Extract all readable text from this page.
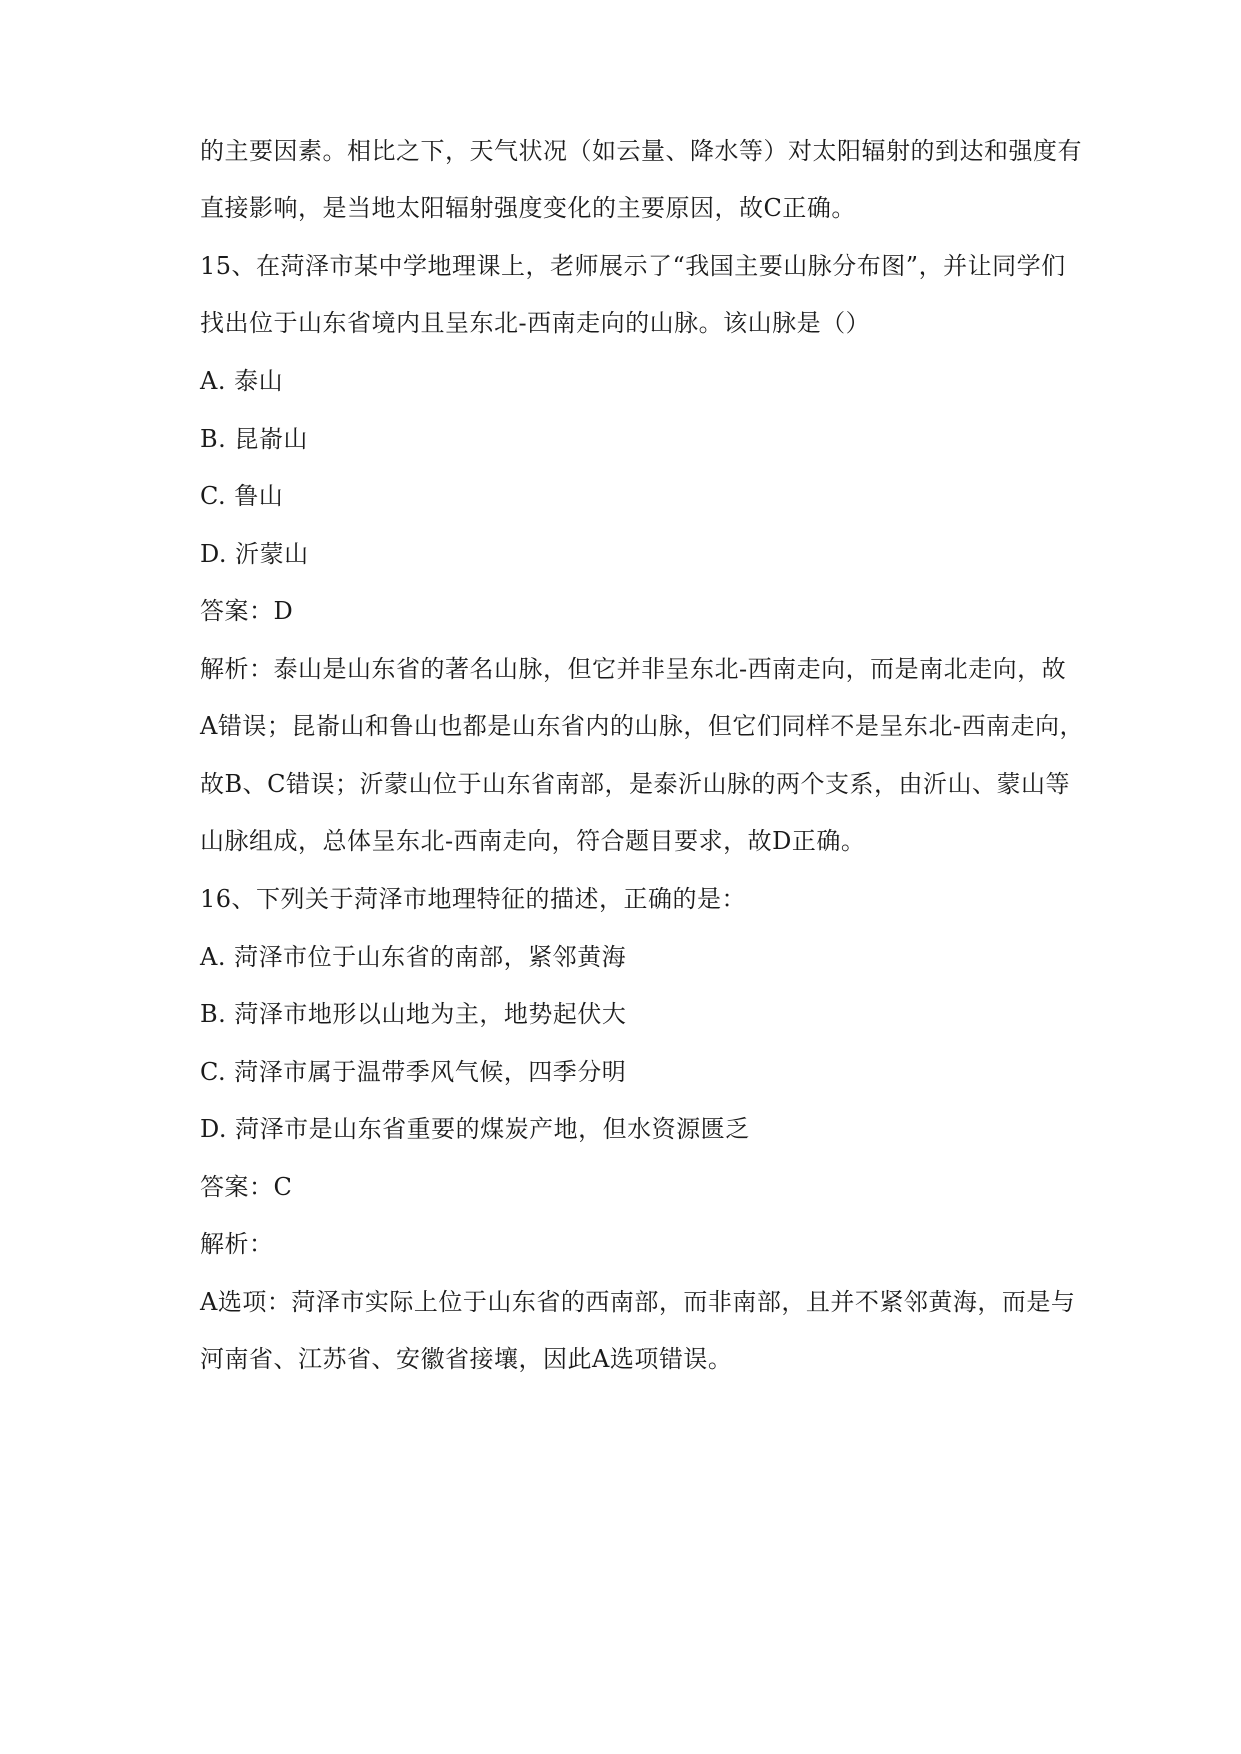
的主要因素。相比之下，天气状况（如云量、降水等）对太阳辐射的到达和强度有
直接影响，是当地太阳辐射强度变化的主要原因，故C正确。
15、在菏泽市某中学地理课上，老师展示了“我国主要山脉分布图”，并让同学们
找出位于山东省境内且呈东北-西南走向的山脉。该山脉是（）
A. 泰山
B. 昆嵛山
C. 鲁山
D. 沂蒙山
答案：D
解析：泰山是山东省的著名山脉，但它并非呈东北-西南走向，而是南北走向，故
A错误；昆嵛山和鲁山也都是山东省内的山脉，但它们同样不是呈东北-西南走向，
故B、C错误；沂蒙山位于山东省南部，是泰沂山脉的两个支系，由沂山、蒙山等
山脉组成，总体呈东北-西南走向，符合题目要求，故D正确。
16、下列关于菏泽市地理特征的描述，正确的是：
A. 菏泽市位于山东省的南部，紧邻黄海
B. 菏泽市地形以山地为主，地势起伏大
C. 菏泽市属于温带季风气候，四季分明
D. 菏泽市是山东省重要的煤炭产地，但水资源匮乏
答案：C
解析：
A选项：菏泽市实际上位于山东省的西南部，而非南部，且并不紧邻黄海，而是与
河南省、江苏省、安徽省接壤，因此A选项错误。
